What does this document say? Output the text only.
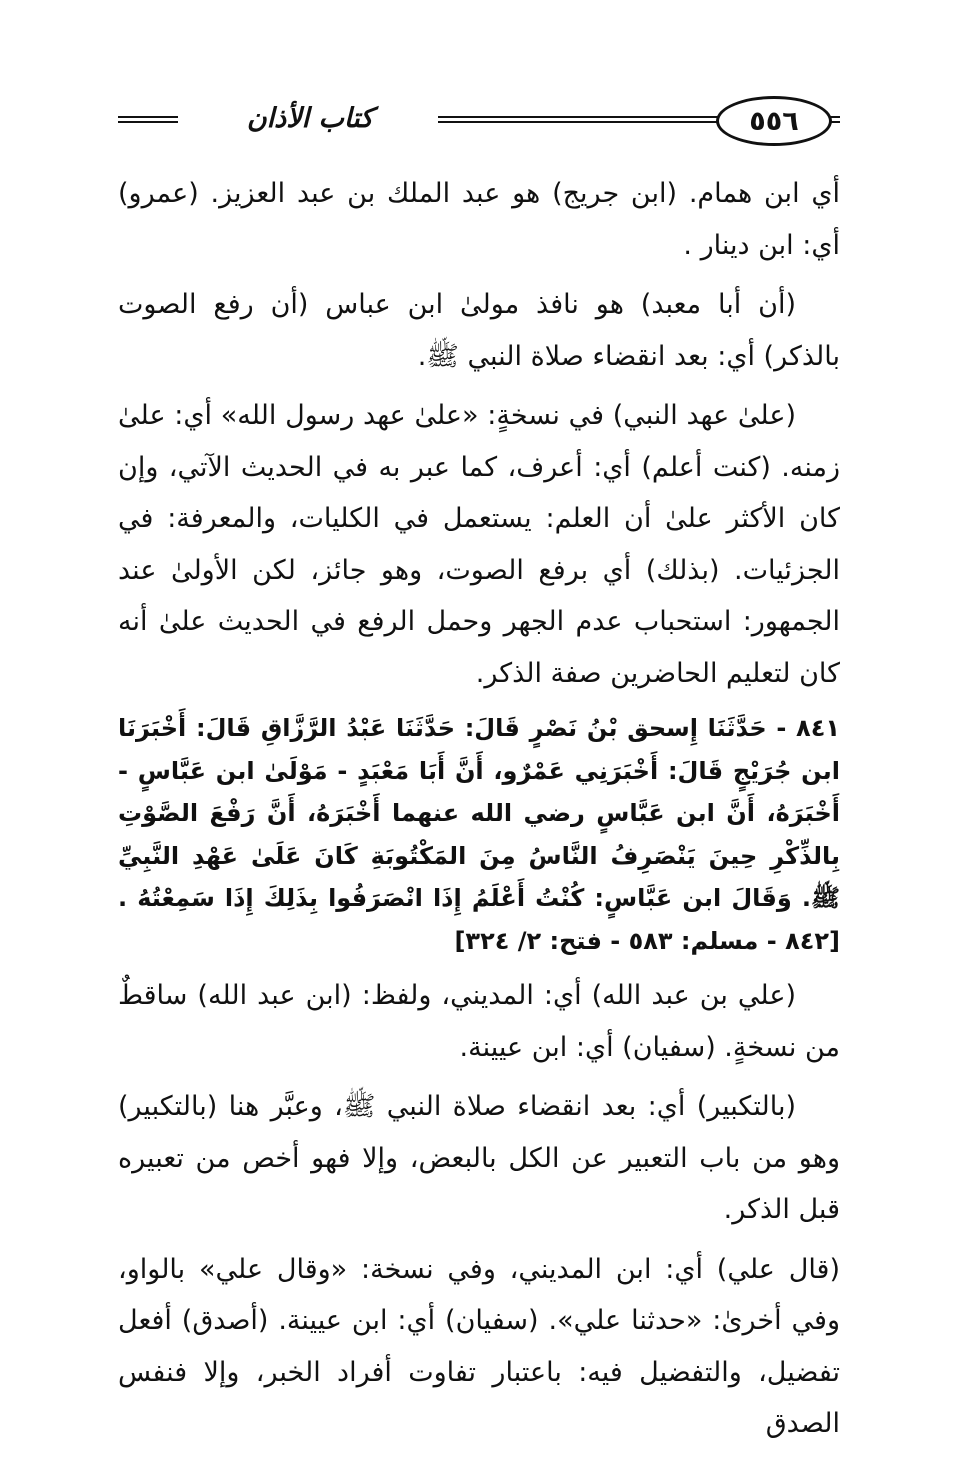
كتاب الأذان	٥٥٦

أي ابن همام. (ابن جريج) هو عبد الملك بن عبد العزيز. (عمرو) أي: ابن دينار .

(أن أبا معبد) هو نافذ مولىٰ ابن عباس (أن رفع الصوت بالذكر) أي: بعد انقضاء صلاة النبي ﷺ.

(علىٰ عهد النبي) في نسخةٍ: «علىٰ عهد رسول الله» أي: علىٰ زمنه. (كنت أعلم) أي: أعرف، كما عبر به في الحديث الآتي، وإن كان الأكثر علىٰ أن العلم: يستعمل في الكليات، والمعرفة: في الجزئيات. (بذلك) أي برفع الصوت، وهو جائز، لكن الأولىٰ عند الجمهور: استحباب عدم الجهر وحمل الرفع في الحديث علىٰ أنه كان لتعليم الحاضرين صفة الذكر.

٨٤١ - حَدَّثَنَا إِسحق بْنُ نَصْرٍ قَالَ: حَدَّثَنَا عَبْدُ الرَّزَّاقِ قَالَ: أَخْبَرَنَا ابن جُرَيْجٍ قَالَ: أَخْبَرَنِي عَمْرٌو، أَنَّ أَبَا مَعْبَدٍ - مَوْلَىٰ ابن عَبَّاسٍ - أَخْبَرَهُ، أَنَّ ابن عَبَّاسٍ رضي الله عنهما أَخْبَرَهُ، أَنَّ رَفْعَ الصَّوْتِ بِالذِّكْرِ حِينَ يَنْصَرِفُ النَّاسُ مِنَ المَكْتُوبَةِ كَانَ عَلَىٰ عَهْدِ النَّبِيِّ ﷺ. وَقَالَ ابن عَبَّاسٍ: كُنْتُ أَعْلَمُ إِذَا انْصَرَفُوا بِذَلِكَ إِذَا سَمِعْتُهُ .[٨٤٢ - مسلم: ٥٨٣ - فتح: ٢/ ٣٢٤]

(علي بن عبد الله) أي: المديني، ولفظ: (ابن عبد الله) ساقطٌ من نسخةٍ. (سفيان) أي: ابن عيينة.

(بالتكبير) أي: بعد انقضاء صلاة النبي ﷺ، وعبَّر هنا (بالتكبير) وهو من باب التعبير عن الكل بالبعض، وإلا فهو أخص من تعبيره قبل الذكر.

(قال علي) أي: ابن المديني، وفي نسخة: «وقال علي» بالواو، وفي أخرىٰ: «حدثنا علي». (سفيان) أي: ابن عيينة. (أصدق) أفعل تفضيل، والتفضيل فيه: باعتبار تفاوت أفراد الخبر، وإلا فنفس الصدق
